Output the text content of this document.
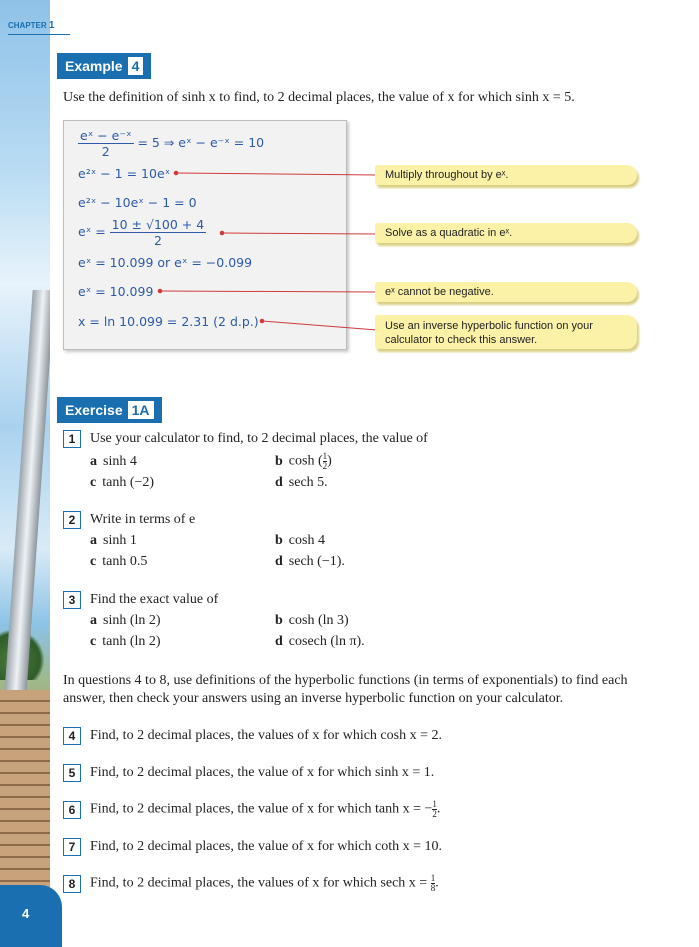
4
CHAPTER 1
Example 4
Use the definition of sinh x to find, to 2 decimal places, the value of x for which sinh x = 5.
$\frac{\text{eˣ − e⁻ˣ}}{2} = 5$ ⇒ eˣ − e⁻ˣ = 10
e²ˣ − 1 = 10eˣ
e²ˣ − 10eˣ − 1 = 0
eˣ = $\frac{10 \pm √100 + 4}{2}$
eˣ = 10.099 or eˣ = −0.099
eˣ = 10.099
x = ln 10.099 = 2.31 (2 d.p.)
Multiply throughout by eˣ.
Solve as a quadratic in eˣ.
eˣ cannot be negative.
Use an inverse hyperbolic function on your calculator to check this answer.
Exercise 1A
1	Use your calculator to find, to 2 decimal places, the value of
a sinh 4	b cosh ( $\frac{1}{2}$ )
c tanh (−2)	d sech 5.
2	Write in terms of e
a sinh 1	b cosh 4
c tanh 0.5	d sech (−1).
3	Find the exact value of
a sinh (ln 2)	b cosh (ln 3)
c tanh (ln 2)	d cosech (ln π).
In questions 4 to 8, use definitions of the hyperbolic functions (in terms of exponentials) to find each answer, then check your answers using an inverse hyperbolic function on your calculator.
4	Find, to 2 decimal places, the values of x for which cosh x = 2.
5	Find, to 2 decimal places, the value of x for which sinh x = 1.
6	Find, to 2 decimal places, the value of x for which tanh x = − $\frac{1}{2}$ .
7	Find, to 2 decimal places, the value of x for which coth x = 10.
8	Find, to 2 decimal places, the values of x for which sech $x = \frac{1}{8}$ .
